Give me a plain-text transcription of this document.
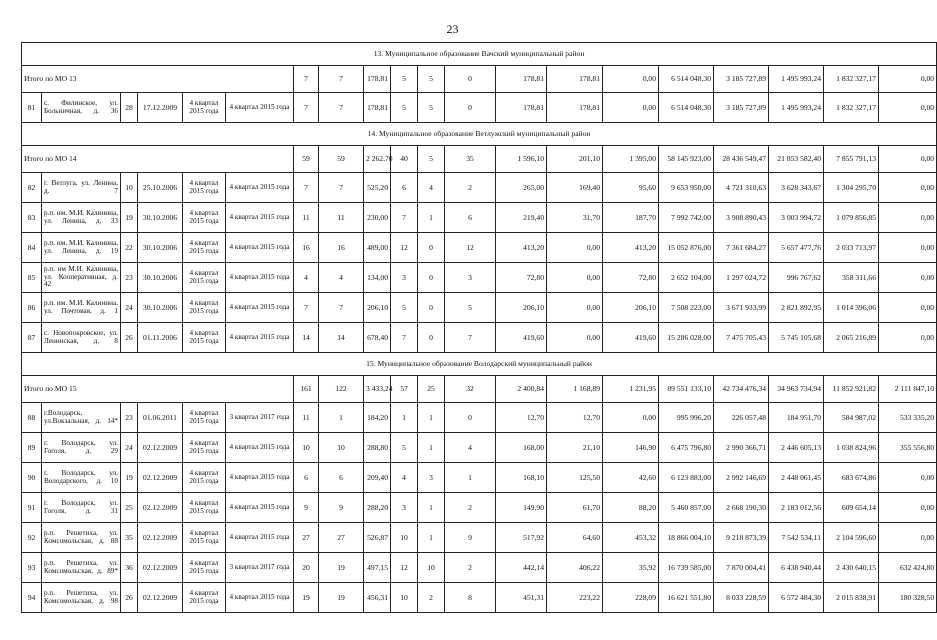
23
13. Муниципальное образование Вачский муниципальный район																			
Итого по МО 13						7	7	178,81	5	5	0	178,81	178,81	0,00	6 514 048,30	3 185 727,89	1 495 993,24	1 832 327,17	0,00
81	с. Филинское, ул. Больничная, д. 36	28	17.12.2009	4 квартал 2015 года	4 квартал 2015 года	7	7	178,81	5	5	0	178,81	178,81	0,00	6 514 048,30	3 185 727,89	1 495 993,24	1 832 327,17	0,00
14. Муниципальное образование Ветлужский муниципальный район																			
Итого по МО 14						59	59	2 262,70	40	5	35	1 596,10	201,10	1 395,00	58 145 923,00	28 436 549,47	21 853 582,40	7 855 791,13	0,00
82	г. Ветлуга, ул. Ленина, д. 7	10	25.10.2006	4 квартал 2015 года	4 квартал 2015 года	7	7	525,20	6	4	2	265,00	169,40	95,60	9 653 950,00	4 721 310,63	3 628 343,67	1 304 295,70	0,00
83	р.п. им. М.И. Калинина, ул. Ленина, д. 33	19	30.10.2006	4 квартал 2015 года	4 квартал 2015 года	11	11	230,00	7	1	6	219,40	31,70	187,70	7 992 742,00	3 908 890,43	3 003 994,72	1 079 856,85	0,00
84	р.п. им. М.И. Калинина, ул. Ленина, д. 19	22	30.10.2006	4 квартал 2015 года	4 квартал 2015 года	16	16	489,00	12	0	12	413,20	0,00	413,20	15 052 876,00	7 361 684,27	5 657 477,76	2 033 713,97	0,00
85	р.п. им М.И. Калинина, ул. Кооперативная, д. 42	23	30.10.2006	4 квартал 2015 года	4 квартал 2015 года	4	4	134,00	3	0	3	72,80	0,00	72,80	2 652 104,00	1 297 024,72	996 767,62	358 311,66	0,00
86	р.п. им. М.И. Калинина, ул. Почтовая, д. 1	24	30.10.2006	4 квартал 2015 года	4 квартал 2015 года	7	7	206,10	5	0	5	206,10	0,00	206,10	7 508 223,00	3 671 933,99	2 821 892,95	1 014 396,06	0,00
87	с. Новопокровское, ул. Ленинская, д. 8	26	01.11.2006	4 квартал 2015 года	4 квартал 2015 года	14	14	678,40	7	0	7	419,60	0,00	419,60	15 286 028,00	7 475 705,43	5 745 105,68	2 065 216,89	0,00
15. Муниципальное образование Володарский муниципальный район																			
Итого по МО 15						161	122	3 433,24	57	25	32	2 400,84	1 168,89	1 231,95	89 551 133,10	42 734 476,34	34 963 734,94	11 852 921,82	2 111 847,10
88	г.Володарск, ул.Вокзальная, д. 14*	23	01.06.2011	4 квартал 2015 года	3 квартал 2017 года	11	1	184,20	1	1	0	12,70	12,70	0,00	995 996,20	226 057,48	184 951,70	584 987,02	533 335,20
89	г. Володарск, ул. Гоголя, д. 29	24	02.12.2009	4 квартал 2015 года	4 квартал 2015 года	10	10	288,80	5	1	4	168,00	21,10	146,90	6 475 796,80	2 990 366,71	2 446 605,13	1 038 824,96	355 556,80
90	г. Володарск, ул. Володарского, д. 10	19	02.12.2009	4 квартал 2015 года	4 квартал 2015 года	6	6	209,40	4	3	1	168,10	125,50	42,60	6 123 883,00	2 992 146,69	2 448 061,45	683 674,86	0,00
91	г. Володарск, ул. Гоголя, д. 31	25	02.12.2009	4 квартал 2015 года	4 квартал 2015 года	9	9	288,20	3	1	2	149,90	61,70	88,20	5 460 857,00	2 668 190,30	2 183 012,56	609 654,14	0,00
92	р.п. Решетиха, ул. Комсомольская, д. 88	35	02.12.2009	4 квартал 2015 года	4 квартал 2015 года	27	27	526,87	10	1	9	517,92	64,60	453,32	18 866 004,10	9 218 873,39	7 542 534,11	2 104 596,60	0,00
93	р.п. Решетиха, ул. Комсомольская, д. 89*	36	02.12.2009	4 квартал 2015 года	3 квартал 2017 года	20	19	497,15	12	10	2	442,14	406,22	35,92	16 739 585,00	7 870 004,41	6 438 940,44	2 430 640,15	632 424,80
94	р.п. Решетиха, ул. Комсомольская, д. 98	26	02.12.2009	4 квартал 2015 года	4 квартал 2015 года	19	19	456,31	10	2	8	451,31	223,22	228,09	16 621 551,80	8 033 228,59	6 572 484,30	2 015 838,91	180 328,50
